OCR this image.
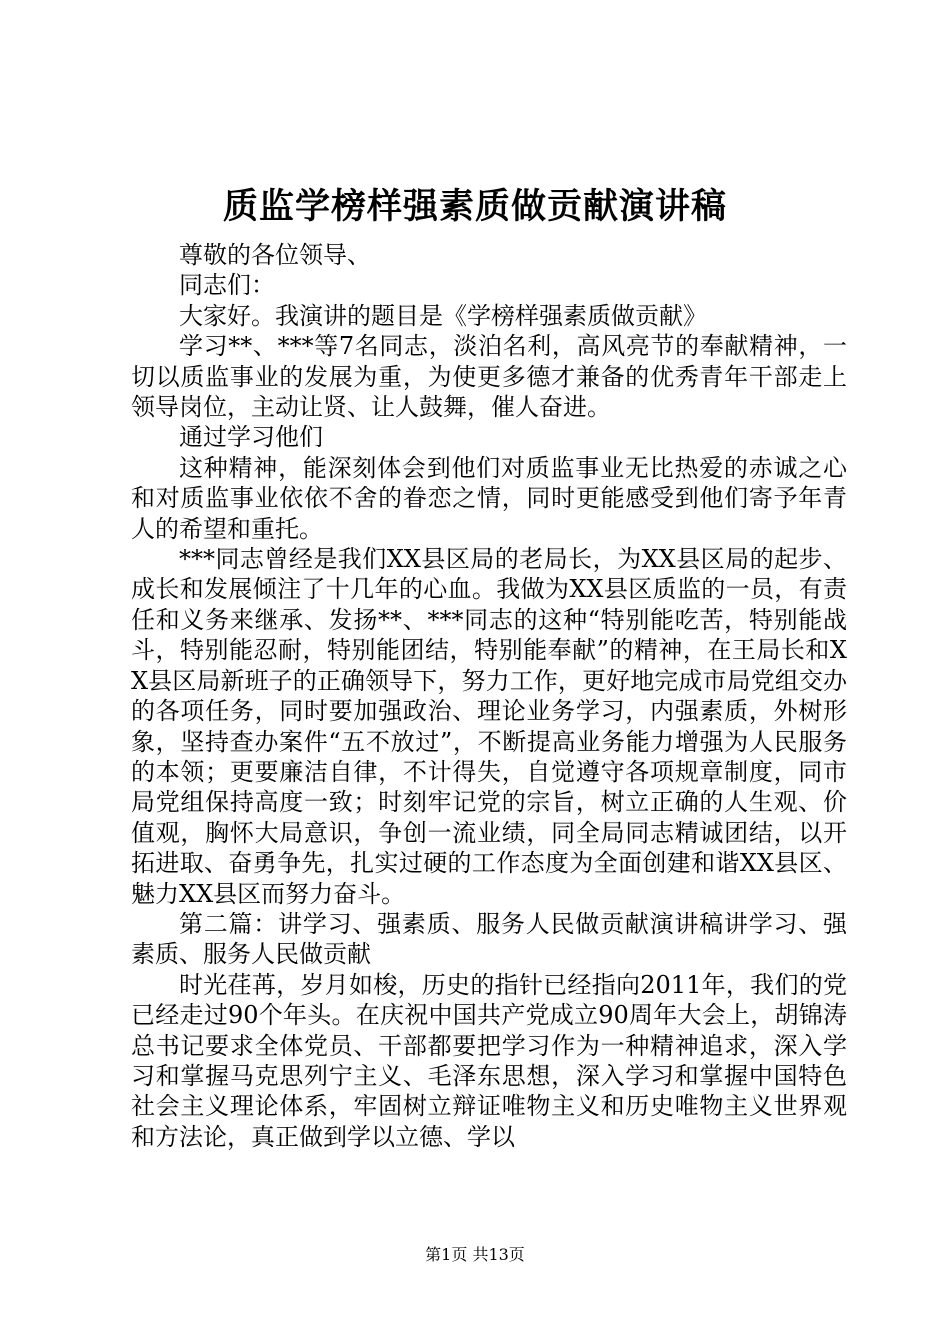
质监学榜样强素质做贡献演讲稿

尊敬的各位领导、

同志们：

大家好。我演讲的题目是《学榜样强素质做贡献》

学习**、***等7名同志，淡泊名利，高风亮节的奉献精神，一切以质监事业的发展为重，为使更多德才兼备的优秀青年干部走上领导岗位，主动让贤、让人鼓舞，催人奋进。

通过学习他们

这种精神，能深刻体会到他们对质监事业无比热爱的赤诚之心和对质监事业依依不舍的眷恋之情，同时更能感受到他们寄予年青人的希望和重托。

***同志曾经是我们XX县区局的老局长，为XX县区局的起步、成长和发展倾注了十几年的心血。我做为XX县区质监的一员，有责任和义务来继承、发扬**、***同志的这种“特别能吃苦，特别能战斗，特别能忍耐，特别能团结，特别能奉献”的精神，在王局长和XX县区局新班子的正确领导下，努力工作，更好地完成市局党组交办的各项任务，同时要加强政治、理论业务学习，内强素质，外树形象，坚持查办案件“五不放过”，不断提高业务能力增强为人民服务的本领；更要廉洁自律，不计得失，自觉遵守各项规章制度，同市局党组保持高度一致；时刻牢记党的宗旨，树立正确的人生观、价值观，胸怀大局意识，争创一流业绩，同全局同志精诚团结，以开拓进取、奋勇争先，扎实过硬的工作态度为全面创建和谐XX县区、魅力XX县区而努力奋斗。

第二篇：讲学习、强素质、服务人民做贡献演讲稿讲学习、强素质、服务人民做贡献

时光荏苒，岁月如梭，历史的指针已经指向2011年，我们的党已经走过90个年头。在庆祝中国共产党成立90周年大会上，胡锦涛总书记要求全体党员、干部都要把学习作为一种精神追求，深入学习和掌握马克思列宁主义、毛泽东思想，深入学习和掌握中国特色社会主义理论体系，牢固树立辩证唯物主义和历史唯物主义世界观和方法论，真正做到学以立德、学以

第1页 共13页
